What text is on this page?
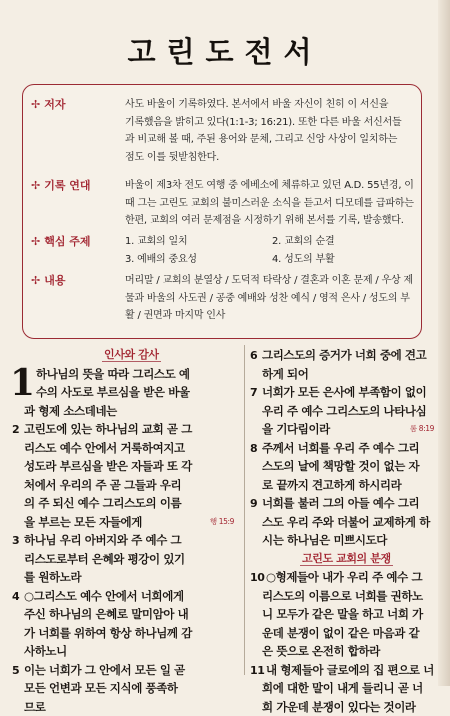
고린도전서
✢ 저자	사도 바울이 기록하였다. 본서에서 바울 자신이 친히 이 서신을
기록했음을 밝히고 있다(1:1-3; 16:21). 또한 다른 바울 서신서들
과 비교해 볼 때, 주된 용어와 문체, 그리고 신앙 사상이 일치하는
점도 이를 뒷받침한다.
✢ 기록 연대	바울이 제3차 전도 여행 중 에베소에 체류하고 있던 A.D. 55년경, 이
때 그는 고린도 교회의 불미스러운 소식을 듣고서 디모데를 급파하는
한편, 교회의 여러 문제점을 시정하기 위해 본서를 기록, 발송했다.
✢ 핵심 주제	1. 교회의 일치	2. 교회의 순결
3. 예배의 중요성	4. 성도의 부활
✢ 내용	머리말 / 교회의 분열상 / 도덕적 타락상 / 결혼과 이혼 문제 / 우상 제
물과 바울의 사도권 / 공중 예배와 성찬 예식 / 영적 은사 / 성도의 부
활 / 권면과 마지막 인사
인사와 감사
1 하나님의 뜻을 따라 그리스도 예
수의 사도로 부르심을 받은 바울
과 형제 소스데네는
2 고린도에 있는 하나님의 교회 곧 그
리스도 예수 안에서 거룩하여지고
성도라 부르심을 받은 자들과 또 각
처에서 우리의 주 곧 그들과 우리
의 주 되신 예수 그리스도의 이름
을 부르는 모든 자들에게	행 15:9
3 하나님 우리 아버지와 주 예수 그
리스도로부터 은혜와 평강이 있기
를 원하노라
4 ○그리스도 예수 안에서 너희에게
주신 하나님의 은혜로 말미암아 내
가 너희를 위하여 항상 하나님께 감
사하노니
5 이는 너희가 그 안에서 모든 일 곧
모든 언변과 모든 지식에 풍족하
므로
6 그리스도의 증거가 너희 중에 견고
하게 되어
7 너희가 모든 은사에 부족함이 없이
우리 주 예수 그리스도의 나타나심
을 기다림이라	롬 8:19
8 주께서 너희를 우리 주 예수 그리
스도의 날에 책망할 것이 없는 자
로 끝까지 견고하게 하시리라
9 너희를 불러 그의 아들 예수 그리
스도 우리 주와 더불어 교제하게 하
시는 하나님은 미쁘시도다
고린도 교회의 분쟁
10○형제들아 내가 우리 주 예수 그
리스도의 이름으로 너희를 권하노
니 모두가 같은 말을 하고 너희 가
운데 분쟁이 없이 같은 마음과 같
은 뜻으로 온전히 합하라
11내 형제들아 글로에의 집 편으로 너
희에 대한 말이 내게 들리니 곧 너
희 가운데 분쟁이 있다는 것이라
